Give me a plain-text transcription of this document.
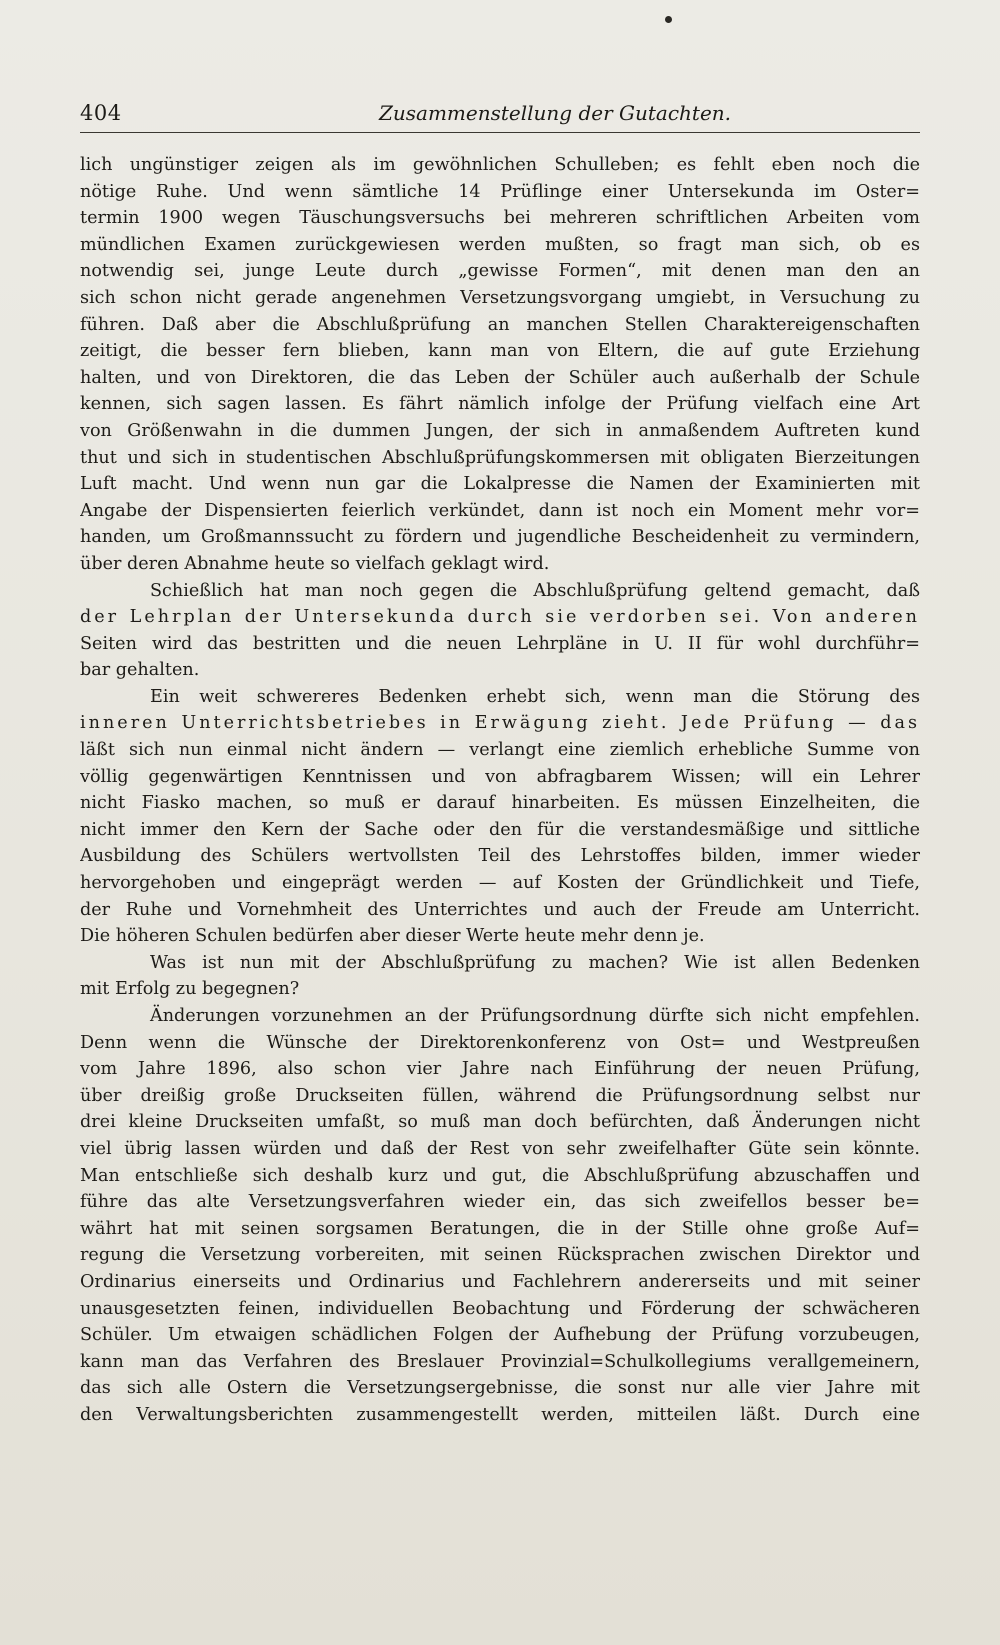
404	Zusammenstellung der Gutachten.
lich ungünstiger zeigen als im gewöhnlichen Schulleben; es fehlt eben noch die
nötige Ruhe. Und wenn sämtliche 14 Prüflinge einer Untersekunda im Oster=
termin 1900 wegen Täuschungsversuchs bei mehreren schriftlichen Arbeiten vom
mündlichen Examen zurückgewiesen werden mußten, so fragt man sich, ob es
notwendig sei, junge Leute durch „gewisse Formen“, mit denen man den an
sich schon nicht gerade angenehmen Versetzungsvorgang umgiebt, in Versuchung zu
führen. Daß aber die Abschlußprüfung an manchen Stellen Charaktereigenschaften
zeitigt, die besser fern blieben, kann man von Eltern, die auf gute Erziehung
halten, und von Direktoren, die das Leben der Schüler auch außerhalb der Schule
kennen, sich sagen lassen. Es fährt nämlich infolge der Prüfung vielfach eine Art
von Größenwahn in die dummen Jungen, der sich in anmaßendem Auftreten kund
thut und sich in studentischen Abschlußprüfungskommersen mit obligaten Bierzeitungen
Luft macht. Und wenn nun gar die Lokalpresse die Namen der Examinierten mit
Angabe der Dispensierten feierlich verkündet, dann ist noch ein Moment mehr vor=
handen, um Großmannssucht zu fördern und jugendliche Bescheidenheit zu vermindern,
über deren Abnahme heute so vielfach geklagt wird.
Schießlich hat man noch gegen die Abschlußprüfung geltend gemacht, daß
der Lehrplan der Untersekunda durch sie verdorben sei. Von anderen
Seiten wird das bestritten und die neuen Lehrpläne in U. II für wohl durchführ=
bar gehalten.
Ein weit schwereres Bedenken erhebt sich, wenn man die Störung des
inneren Unterrichtsbetriebes in Erwägung zieht. Jede Prüfung — das
läßt sich nun einmal nicht ändern — verlangt eine ziemlich erhebliche Summe von
völlig gegenwärtigen Kenntnissen und von abfragbarem Wissen; will ein Lehrer
nicht Fiasko machen, so muß er darauf hinarbeiten. Es müssen Einzelheiten, die
nicht immer den Kern der Sache oder den für die verstandesmäßige und sittliche
Ausbildung des Schülers wertvollsten Teil des Lehrstoffes bilden, immer wieder
hervorgehoben und eingeprägt werden — auf Kosten der Gründlichkeit und Tiefe,
der Ruhe und Vornehmheit des Unterrichtes und auch der Freude am Unterricht.
Die höheren Schulen bedürfen aber dieser Werte heute mehr denn je.
Was ist nun mit der Abschlußprüfung zu machen? Wie ist allen Bedenken
mit Erfolg zu begegnen?
Änderungen vorzunehmen an der Prüfungsordnung dürfte sich nicht empfehlen.
Denn wenn die Wünsche der Direktorenkonferenz von Ost= und Westpreußen
vom Jahre 1896, also schon vier Jahre nach Einführung der neuen Prüfung,
über dreißig große Druckseiten füllen, während die Prüfungsordnung selbst nur
drei kleine Druckseiten umfaßt, so muß man doch befürchten, daß Änderungen nicht
viel übrig lassen würden und daß der Rest von sehr zweifelhafter Güte sein könnte.
Man entschließe sich deshalb kurz und gut, die Abschlußprüfung abzuschaffen und
führe das alte Versetzungsverfahren wieder ein, das sich zweifellos besser be=
währt hat mit seinen sorgsamen Beratungen, die in der Stille ohne große Auf=
regung die Versetzung vorbereiten, mit seinen Rücksprachen zwischen Direktor und
Ordinarius einerseits und Ordinarius und Fachlehrern andererseits und mit seiner
unausgesetzten feinen, individuellen Beobachtung und Förderung der schwächeren
Schüler. Um etwaigen schädlichen Folgen der Aufhebung der Prüfung vorzubeugen,
kann man das Verfahren des Breslauer Provinzial=Schulkollegiums verallgemeinern,
das sich alle Ostern die Versetzungsergebnisse, die sonst nur alle vier Jahre mit
den Verwaltungsberichten zusammengestellt werden, mitteilen läßt. Durch eine
